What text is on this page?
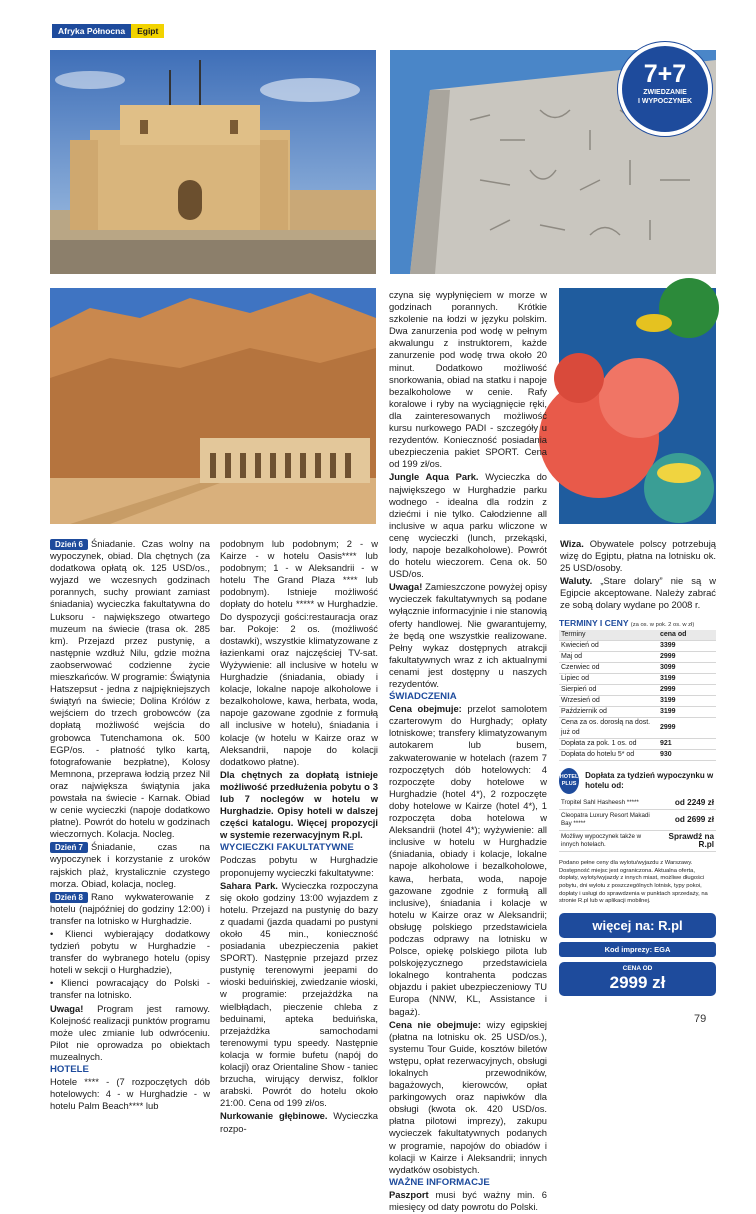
Afryka Północna	Egipt
7+7
ZWIEDZANIE
I WYPOCZYNEK

Dzień 6 Śniadanie. Czas wolny na wypoczynek, obiad. Dla chętnych (za dodatkowa opłatą ok. 125 USD/os., wyjazd we wczesnych godzinach porannych, suchy prowiant zamiast śniadania) wycieczka fakultatywna do Luksoru - największego otwartego muzeum na świecie (trasa ok. 285 km). Przejazd przez pustynię, a następnie wzdłuż Nilu, gdzie można zaobserwować codzienne życie mieszkańców. W programie: Świątynia Hatszepsut - jedna z najpiękniejszych świątyń na świecie; Dolina Królów z wejściem do trzech grobowców (za dopłatą możliwość wejścia do grobowca Tutenchamona ok. 500 EGP/os. - płatność tylko kartą, fotografowanie bezpłatne), Kolosy Memnona, przeprawa łodzią przez Nil oraz największa świątynia jaka powstała na świecie - Karnak. Obiad w cenie wycieczki (napoje dodatkowo płatne). Powrót do hotelu w godzinach wieczornych. Kolacja. Nocleg.

Dzień 7 Śniadanie, czas na wypoczynek i korzystanie z uroków rajskich plaż, krystalicznie czystego morza. Obiad, kolacja, nocleg.

Dzień 8 Rano wykwaterowanie z hotelu (najpóźniej do godziny 12:00) i transfer na lotnisko w Hurghadzie.

• Klienci wybierający dodatkowy tydzień pobytu w Hurghadzie - transfer do wybranego hotelu (opisy hoteli w sekcji o Hurghadzie),

• Klienci powracający do Polski - transfer na lotnisko.

Uwaga! Program jest ramowy. Kolejność realizacji punktów programu może ulec zmianie lub odwróceniu. Pilot nie oprowadza po obiektach muzealnych.

HOTELE

Hotele **** - (7 rozpoczętych dób hotelowych: 4 - w Hurghadzie - w hotelu Palm Beach**** lub

podobnym lub podobnym; 2 - w Kairze - w hotelu Oasis**** lub podobnym; 1 - w Aleksandrii - w hotelu The Grand Plaza **** lub podobnym). Istnieje możliwość dopłaty do hotelu ***** w Hurghadzie. Do dyspozycji gości:restauracja oraz bar. Pokoje: 2 os. (możliwość dostawki), wszystkie klimatyzowane z łazienkami oraz najczęściej TV-sat. Wyżywienie: all inclusive w hotelu w Hurghadzie (śniadania, obiady i kolacje, lokalne napoje alkoholowe i bezalkoholowe, kawa, herbata, woda, napoje gazowane zgodnie z formułą all inclusive w hotelu), śniadania i kolacje (w hotelu w Kairze oraz w Aleksandrii, napoje do kolacji dodatkowo płatne).

Dla chętnych za dopłatą istnieje możliwość przedłużenia pobytu o 3 lub 7 noclegów w hotelu w Hurghadzie. Opisy hoteli w dalszej części katalogu. Więcej propozycji w systemie rezerwacyjnym R.pl.

WYCIECZKI FAKULTATYWNE

Podczas pobytu w Hurghadzie proponujemy wycieczki fakultatywne:

Sahara Park. Wycieczka rozpoczyna się około godziny 13:00 wyjazdem z hotelu. Przejazd na pustynię do bazy z quadami (jazda quadami po pustyni około 45 min., konieczność posiadania ubezpieczenia pakiet SPORT). Następnie przejazd przez pustynię terenowymi jeepami do wioski beduińskiej, zwiedzanie wioski, w programie: przejażdżka na wielbłądach, pieczenie chleba z beduinami, apteka beduińska, przejażdżka samochodami terenowymi typu speedy. Następnie kolacja w formie bufetu (napój do kolacji) oraz Orientaline Show - taniec brzucha, wirujący derwisz, folklor arabski. Powrót do hotelu około 21:00. Cena od 199 zł/os.

Nurkowanie głębinowe. Wycieczka rozpo-

czyna się wypłynięciem w morze w godzinach porannych. Krótkie szkolenie na łodzi w języku polskim. Dwa zanurzenia pod wodę w pełnym akwalungu z instruktorem, każde zanurzenie pod wodę trwa około 20 minut. Dodatkowo możliwość snorkowania, obiad na statku i napoje bezalkoholowe w cenie. Rafy koralowe i ryby na wyciągnięcie ręki, dla zainteresowanych możliwość kursu nurkowego PADI - szczegóły u rezydentów. Konieczność posiadania ubezpieczenia pakiet SPORT. Cena od 199 zł/os.

Jungle Aqua Park. Wycieczka do największego w Hurghadzie parku wodnego - idealna dla rodzin z dziećmi i nie tylko. Całodzienne all inclusive w aqua parku wliczone w cenę wycieczki (lunch, przekąski, lody, napoje bezalkoholowe). Powrót do hotelu wieczorem. Cena ok. 50 USD/os.

Uwaga! Zamieszczone powyżej opisy wycieczek fakultatywnych są podane wyłącznie informacyjnie i nie stanowią oferty handlowej. Nie gwarantujemy, że będą one wszystkie realizowane. Pełny wykaz dostępnych atrakcji fakultatywnych wraz z ich aktualnymi cenami jest dostępny u naszych rezydentów.

ŚWIADCZENIA

Cena obejmuje: przelot samolotem czarterowym do Hurghady; opłaty lotniskowe; transfery klimatyzowanym autokarem lub busem, zakwaterowanie w hotelach (razem 7 rozpoczętych dób hotelowych: 4 rozpoczęte doby hotelowe w Hurghadzie (hotel 4*), 2 rozpoczęte doby hotelowe w Kairze (hotel 4*), 1 rozpoczęta doba hotelowa w Aleksandrii (hotel 4*); wyżywienie: all inclusive w hotelu w Hurghadzie (śniadania, obiady i kolacje, lokalne napoje alkoholowe i bezalkoholowe, kawa, herbata, woda, napoje gazowane zgodnie z formułą all inclusive), śniadania i kolacje w hotelu w Kairze oraz w Aleksandrii; obsługę polskiego przedstawiciela podczas odprawy na lotnisku w Polsce, opiekę polskiego pilota lub polskojęzycznego przedstawiciela lokalnego kontrahenta podczas objazdu i pakiet ubezpieczeniowy TU Europa (NNW, KL, Assistance i bagaż).

Cena nie obejmuje: wizy egipskiej (płatna na lotnisku ok. 25 USD/os.), systemu Tour Guide, kosztów biletów wstępu, opłat rezerwacyjnych, obsługi lokalnych przewodników, bagażowych, kierowców, opłat parkingowych oraz napiwków dla obsługi (kwota ok. 420 USD/os. płatna pilotowi imprezy), zakupu wycieczek fakultatywnych podanych w programie, napojów do obiadów i kolacji w Kairze i Aleksandrii; innych wydatków osobistych.

WAŻNE INFORMACJE

Paszport musi być ważny min. 6 miesięcy od daty powrotu do Polski.

Wiza. Obywatele polscy potrzebują wizę do Egiptu, płatna na lotnisku ok. 25 USD/osoby.

Waluty. „Stare dolary” nie są w Egipcie akceptowane. Należy zabrać ze sobą dolary wydane po 2008 r.

TERMINY I CENY (za os. w pok. 2 os. w zł)
Terminy	cena od
Kwiecień od	3399
Maj od	2999
Czerwiec od	3099
Lipiec od	3199
Sierpień od	2999
Wrzesień od	3199
Październik od	3199
Cena za os. dorosłą na dost. już od	2999
Dopłata za pok. 1 os. od	921
Dopłata do hotelu 5* od	930
HOTEL
PLUS
Dopłata za tydzień wypoczynku w hotelu od:
Tropitel Sahl Hasheesh *****	od 2249 zł
Cleopatra Luxury Resort Makadi Bay *****	od 2699 zł
Możliwy wypoczynek także w innych hotelach.	Sprawdź na R.pl
Podano pełne ceny dla wylotu/wyjazdu z Warszawy. Dostępność miejsc jest ograniczona. Aktualna oferta, dopłaty, wyloty/wyjazdy z innych miast, możliwe długości pobytu, dni wylotu z poszczególnych lotnisk, typy pokoi, dopłaty i usługi do sprawdzenia w punktach sprzedaży, na stronie R.pl lub w aplikacji mobilnej.
więcej na: R.pl
Kod imprezy: EGA
CENA OD
2999 zł
79
